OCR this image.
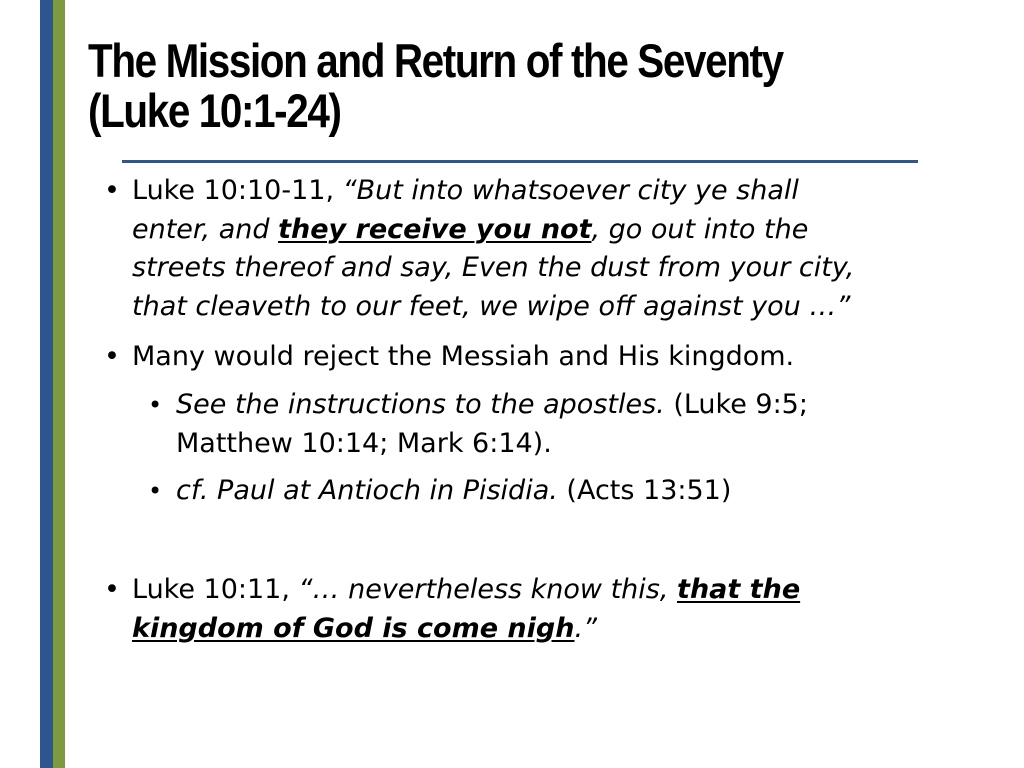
The Mission and Return of the Seventy
(Luke 10:1-24)
• Luke 10:10-11, “But into whatsoever city ye shall
enter, and they receive you not, go out into the
streets thereof and say, Even the dust from your city,
that cleaveth to our feet, we wipe off against you …”
• Many would reject the Messiah and His kingdom.
• See the instructions to the apostles. (Luke 9:5;
Matthew 10:14; Mark 6:14).
• cf. Paul at Antioch in Pisidia. (Acts 13:51)
• Luke 10:11, “… nevertheless know this, that the
kingdom of God is come nigh.”
